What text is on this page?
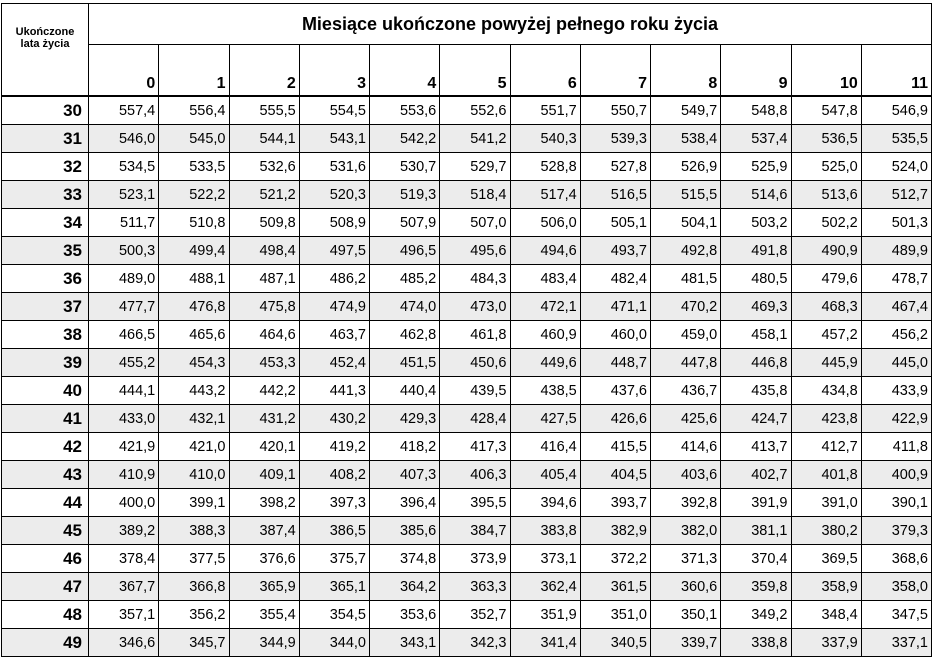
Ukończone
lata życia	Miesiące ukończone powyżej pełnego roku życia											
	0	1	2	3	4	5	6	7	8	9	10	11
30	557,4	556,4	555,5	554,5	553,6	552,6	551,7	550,7	549,7	548,8	547,8	546,9
31	546,0	545,0	544,1	543,1	542,2	541,2	540,3	539,3	538,4	537,4	536,5	535,5
32	534,5	533,5	532,6	531,6	530,7	529,7	528,8	527,8	526,9	525,9	525,0	524,0
33	523,1	522,2	521,2	520,3	519,3	518,4	517,4	516,5	515,5	514,6	513,6	512,7
34	511,7	510,8	509,8	508,9	507,9	507,0	506,0	505,1	504,1	503,2	502,2	501,3
35	500,3	499,4	498,4	497,5	496,5	495,6	494,6	493,7	492,8	491,8	490,9	489,9
36	489,0	488,1	487,1	486,2	485,2	484,3	483,4	482,4	481,5	480,5	479,6	478,7
37	477,7	476,8	475,8	474,9	474,0	473,0	472,1	471,1	470,2	469,3	468,3	467,4
38	466,5	465,6	464,6	463,7	462,8	461,8	460,9	460,0	459,0	458,1	457,2	456,2
39	455,2	454,3	453,3	452,4	451,5	450,6	449,6	448,7	447,8	446,8	445,9	445,0
40	444,1	443,2	442,2	441,3	440,4	439,5	438,5	437,6	436,7	435,8	434,8	433,9
41	433,0	432,1	431,2	430,2	429,3	428,4	427,5	426,6	425,6	424,7	423,8	422,9
42	421,9	421,0	420,1	419,2	418,2	417,3	416,4	415,5	414,6	413,7	412,7	411,8
43	410,9	410,0	409,1	408,2	407,3	406,3	405,4	404,5	403,6	402,7	401,8	400,9
44	400,0	399,1	398,2	397,3	396,4	395,5	394,6	393,7	392,8	391,9	391,0	390,1
45	389,2	388,3	387,4	386,5	385,6	384,7	383,8	382,9	382,0	381,1	380,2	379,3
46	378,4	377,5	376,6	375,7	374,8	373,9	373,1	372,2	371,3	370,4	369,5	368,6
47	367,7	366,8	365,9	365,1	364,2	363,3	362,4	361,5	360,6	359,8	358,9	358,0
48	357,1	356,2	355,4	354,5	353,6	352,7	351,9	351,0	350,1	349,2	348,4	347,5
49	346,6	345,7	344,9	344,0	343,1	342,3	341,4	340,5	339,7	338,8	337,9	337,1
